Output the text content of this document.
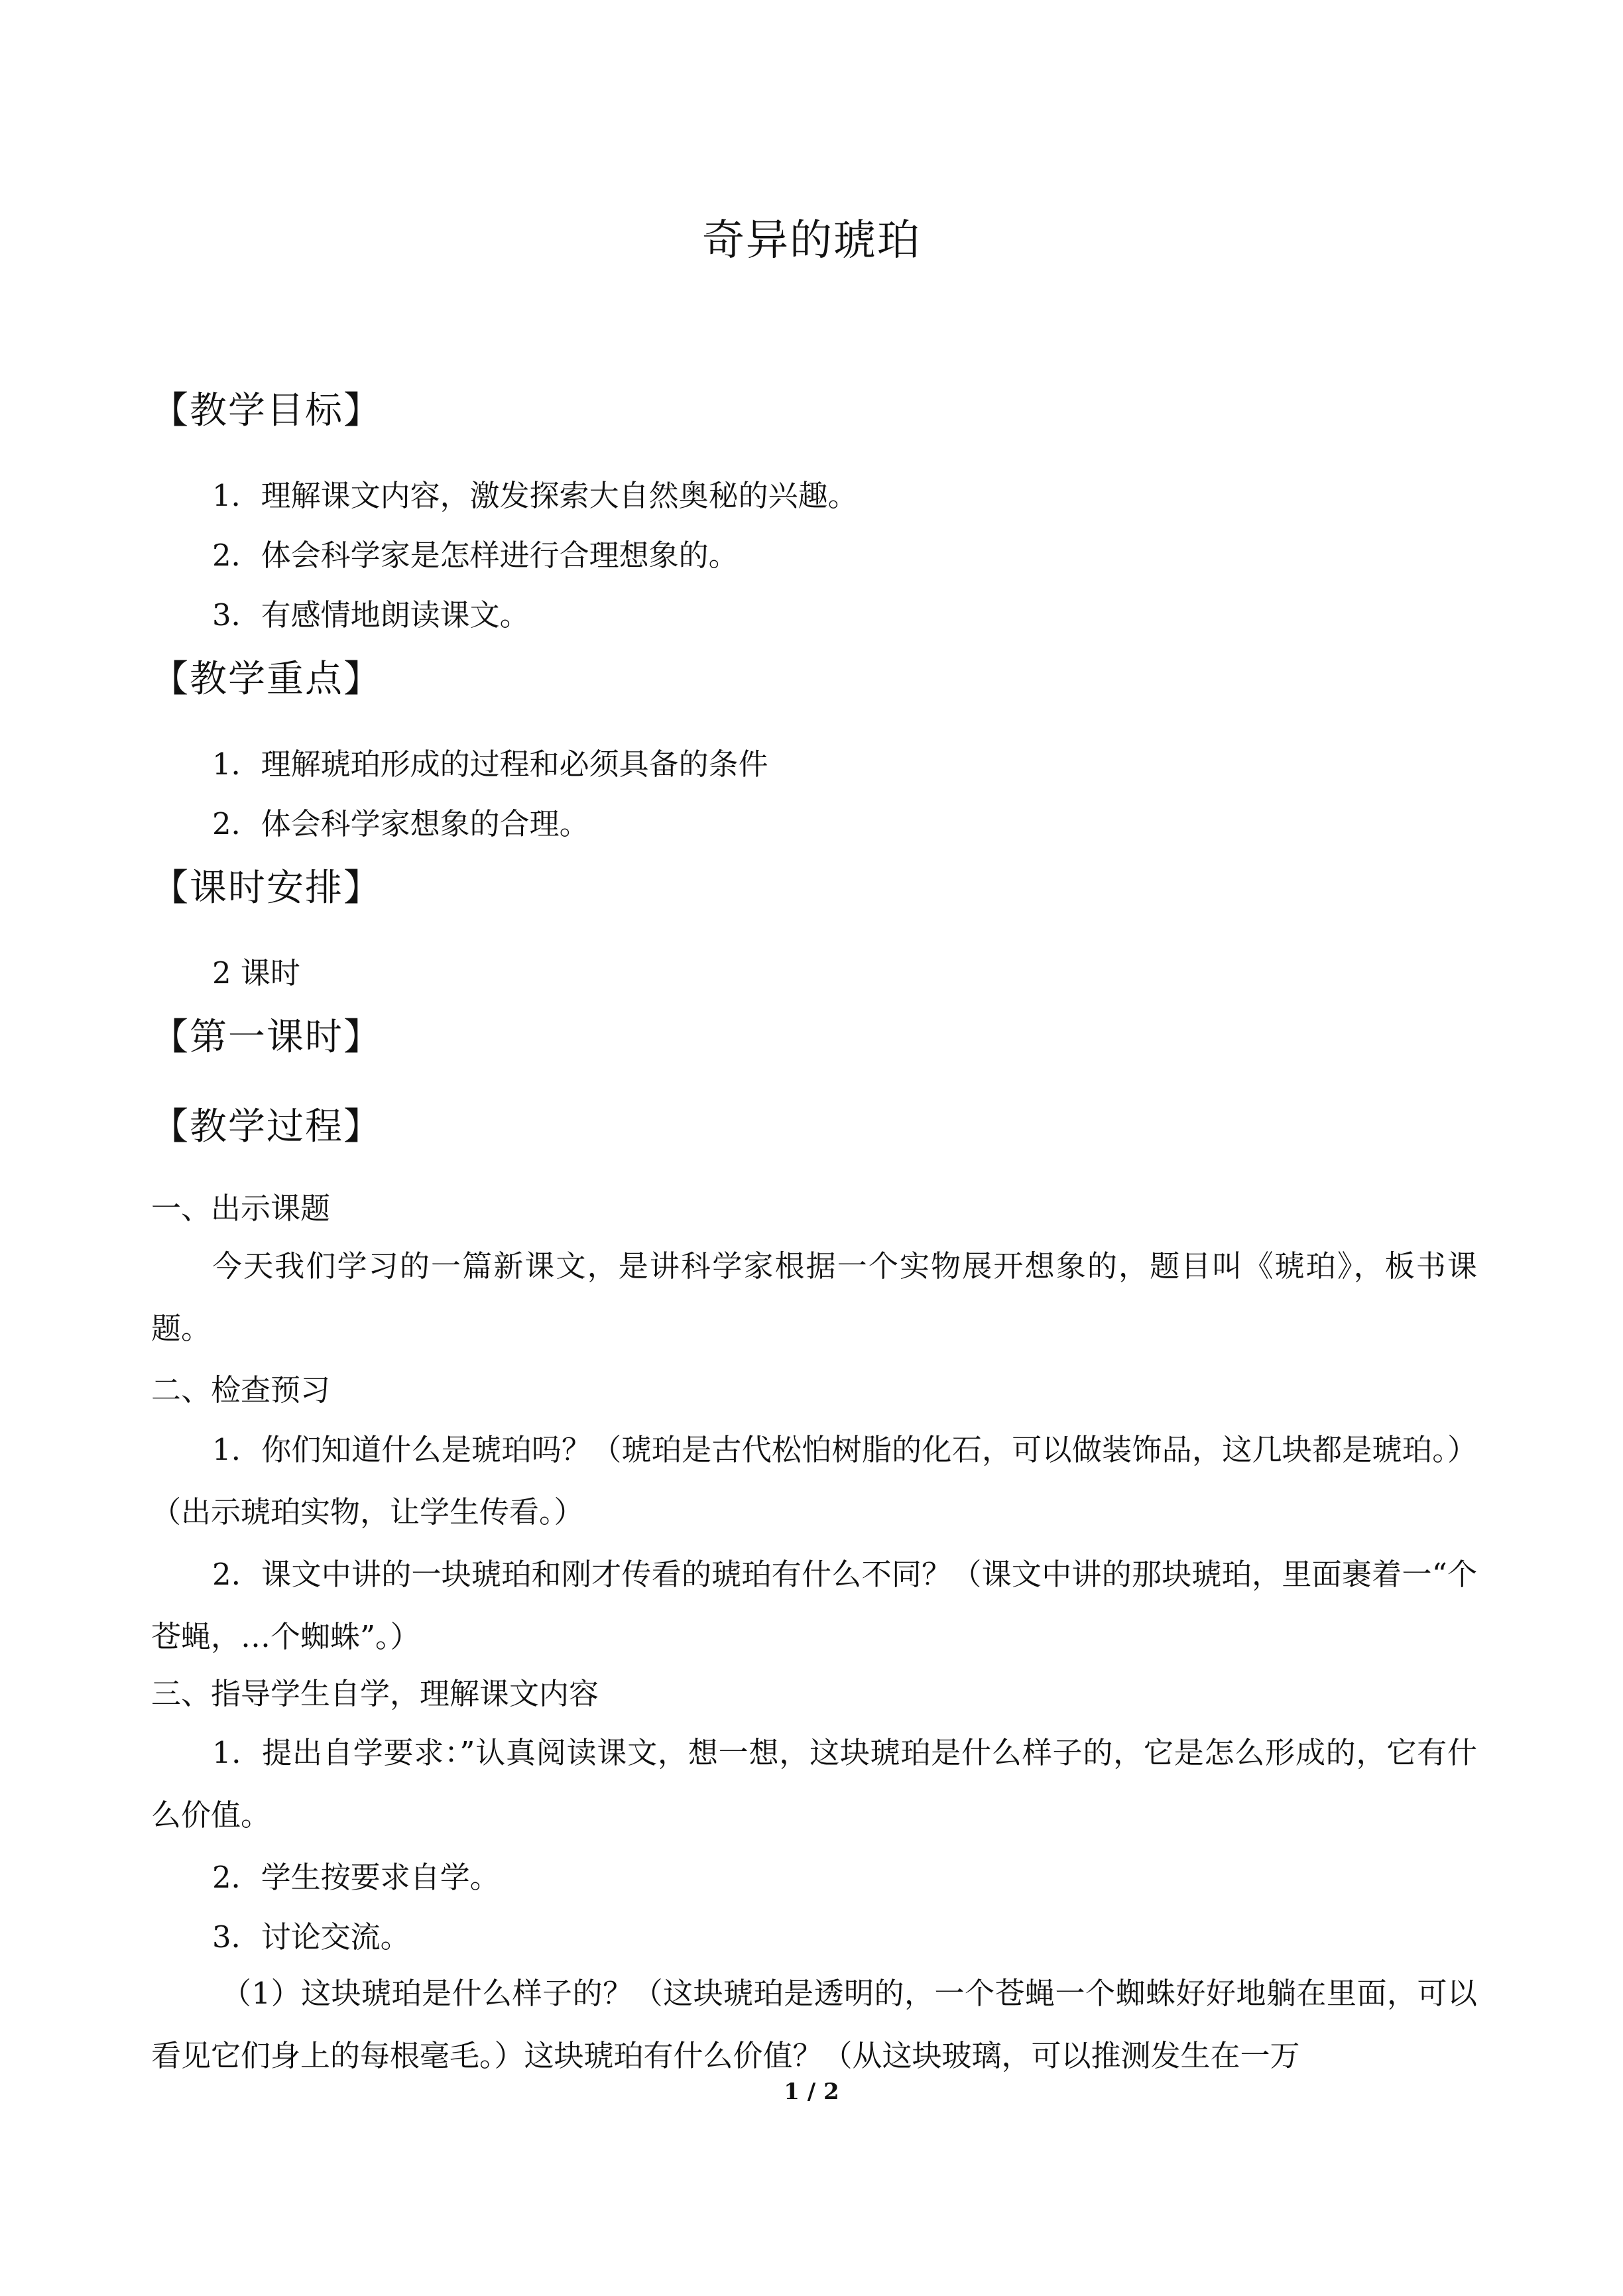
奇异的琥珀
【教学目标】
1．理解课文内容，激发探索大自然奥秘的兴趣。
2．体会科学家是怎样进行合理想象的。
3．有感情地朗读课文。
【教学重点】
1．理解琥珀形成的过程和必须具备的条件
2．体会科学家想象的合理。
【课时安排】
2 课时
【第一课时】
【教学过程】
一、出示课题
今天我们学习的一篇新课文，是讲科学家根据一个实物展开想象的，题目叫《琥珀》，板书课题。
二、检查预习
1．你们知道什么是琥珀吗？（琥珀是古代松怕树脂的化石，可以做装饰品，这几块都是琥珀。）（出示琥珀实物，让学生传看。）
2．课文中讲的一块琥珀和刚才传看的琥珀有什么不同？（课文中讲的那块琥珀，里面裹着一“个苍蝇，…个蜘蛛”。）
三、指导学生自学，理解课文内容
1．提出自学要求：”认真阅读课文，想一想，这块琥珀是什么样子的，它是怎么形成的，它有什么价值。
2．学生按要求自学。
3．讨论交流。
（1）这块琥珀是什么样子的？（这块琥珀是透明的，一个苍蝇一个蜘蛛好好地躺在里面，可以看见它们身上的每根毫毛。）这块琥珀有什么价值？（从这块玻璃，可以推测发生在一万
1 / 2
